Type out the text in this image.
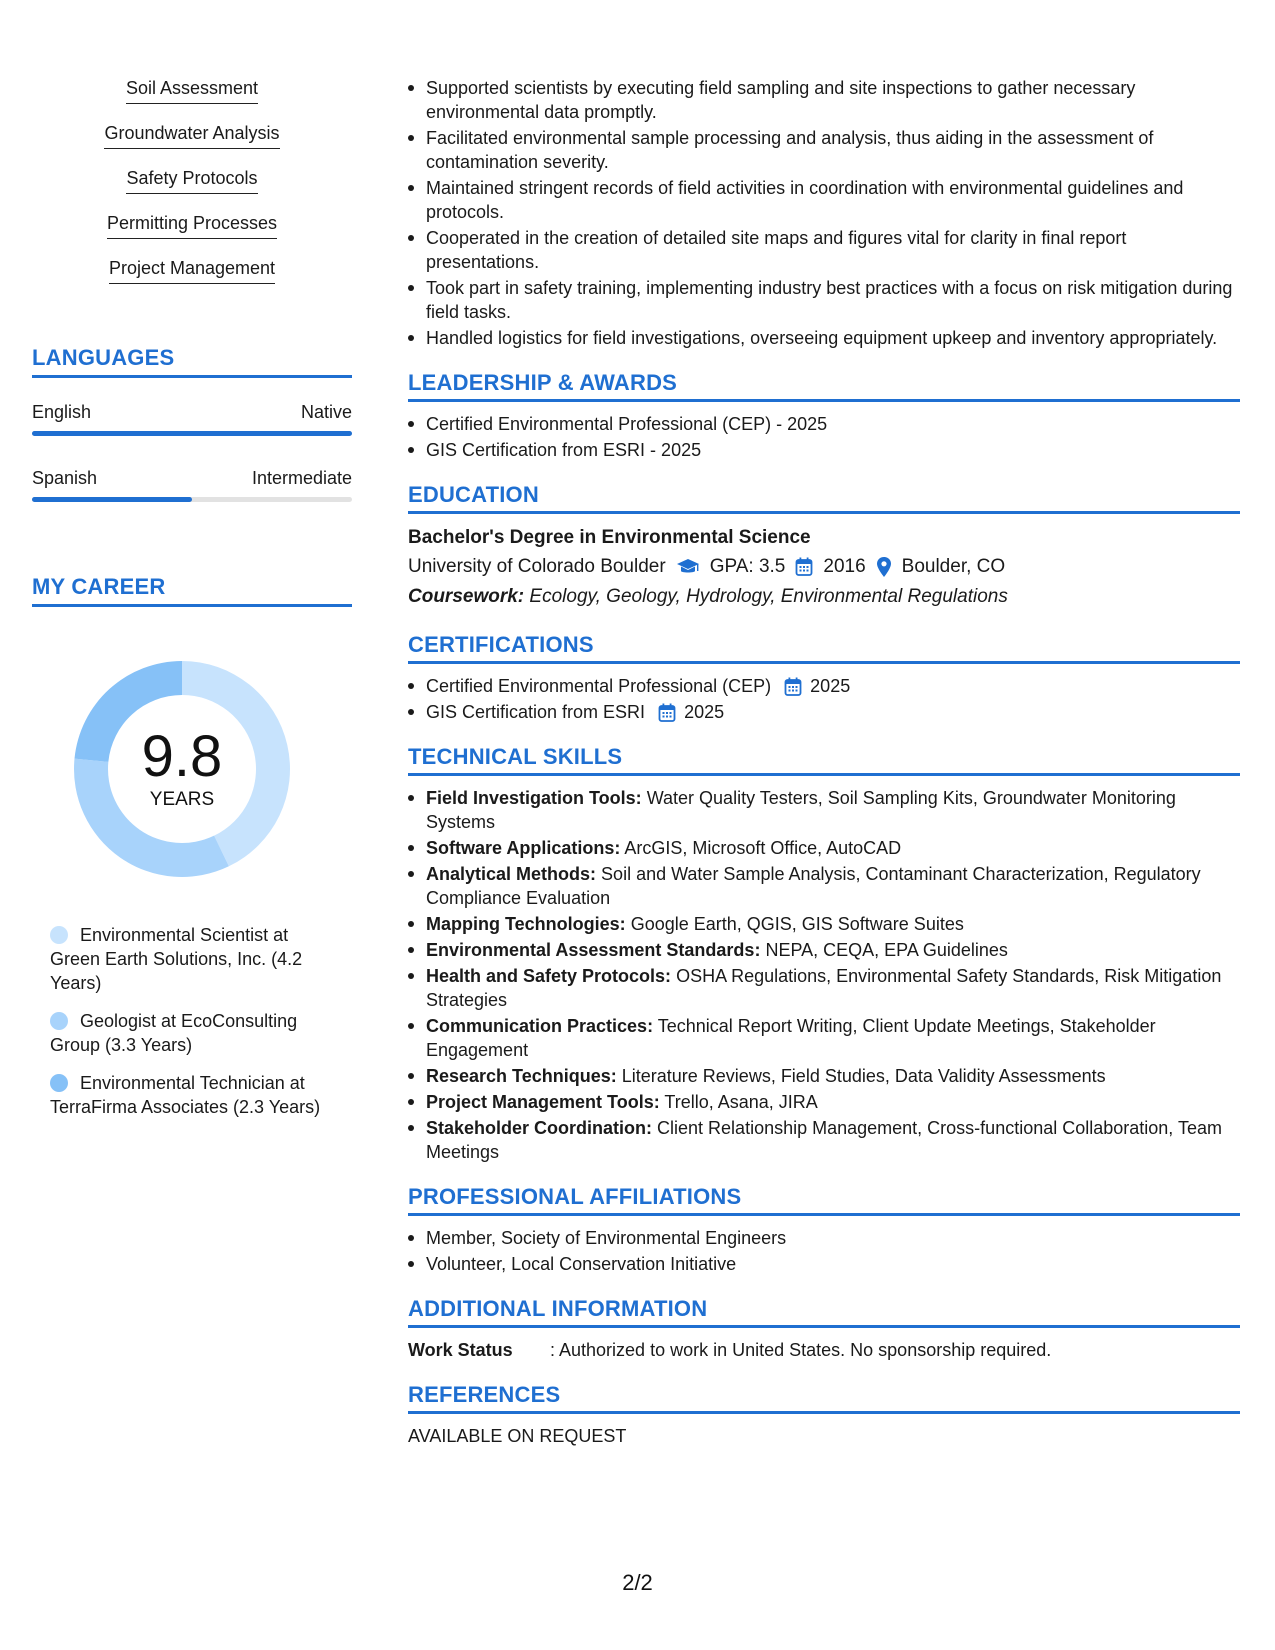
Soil Assessment
Groundwater Analysis
Safety Protocols
Permitting Processes
Project Management
LANGUAGES
English	Native
Spanish	Intermediate
MY CAREER
9.8
YEARS
Environmental Scientist at Green Earth Solutions, Inc. (4.2 Years)
Geologist at EcoConsulting Group (3.3 Years)
Environmental Technician at TerraFirma Associates (2.3 Years)
Supported scientists by executing field sampling and site inspections to gather necessary environmental data promptly.
Facilitated environmental sample processing and analysis, thus aiding in the assessment of contamination severity.
Maintained stringent records of field activities in coordination with environmental guidelines and protocols.
Cooperated in the creation of detailed site maps and figures vital for clarity in final report presentations.
Took part in safety training, implementing industry best practices with a focus on risk mitigation during field tasks.
Handled logistics for field investigations, overseeing equipment upkeep and inventory appropriately.
LEADERSHIP & AWARDS
Certified Environmental Professional (CEP) - 2025
GIS Certification from ESRI - 2025
EDUCATION
Bachelor's Degree in Environmental Science
University of Colorado Boulder GPA: 3.5 2016 Boulder, CO
Coursework: Ecology, Geology, Hydrology, Environmental Regulations
CERTIFICATIONS
Certified Environmental Professional (CEP) 2025
GIS Certification from ESRI 2025
TECHNICAL SKILLS
Field Investigation Tools: Water Quality Testers, Soil Sampling Kits, Groundwater Monitoring Systems
Software Applications: ArcGIS, Microsoft Office, AutoCAD
Analytical Methods: Soil and Water Sample Analysis, Contaminant Characterization, Regulatory Compliance Evaluation
Mapping Technologies: Google Earth, QGIS, GIS Software Suites
Environmental Assessment Standards: NEPA, CEQA, EPA Guidelines
Health and Safety Protocols: OSHA Regulations, Environmental Safety Standards, Risk Mitigation Strategies
Communication Practices: Technical Report Writing, Client Update Meetings, Stakeholder Engagement
Research Techniques: Literature Reviews, Field Studies, Data Validity Assessments
Project Management Tools: Trello, Asana, JIRA
Stakeholder Coordination: Client Relationship Management, Cross-functional Collaboration, Team Meetings
PROFESSIONAL AFFILIATIONS
Member, Society of Environmental Engineers
Volunteer, Local Conservation Initiative
ADDITIONAL INFORMATION
Work Status	: Authorized to work in United States. No sponsorship required.
REFERENCES
AVAILABLE ON REQUEST
2/2
